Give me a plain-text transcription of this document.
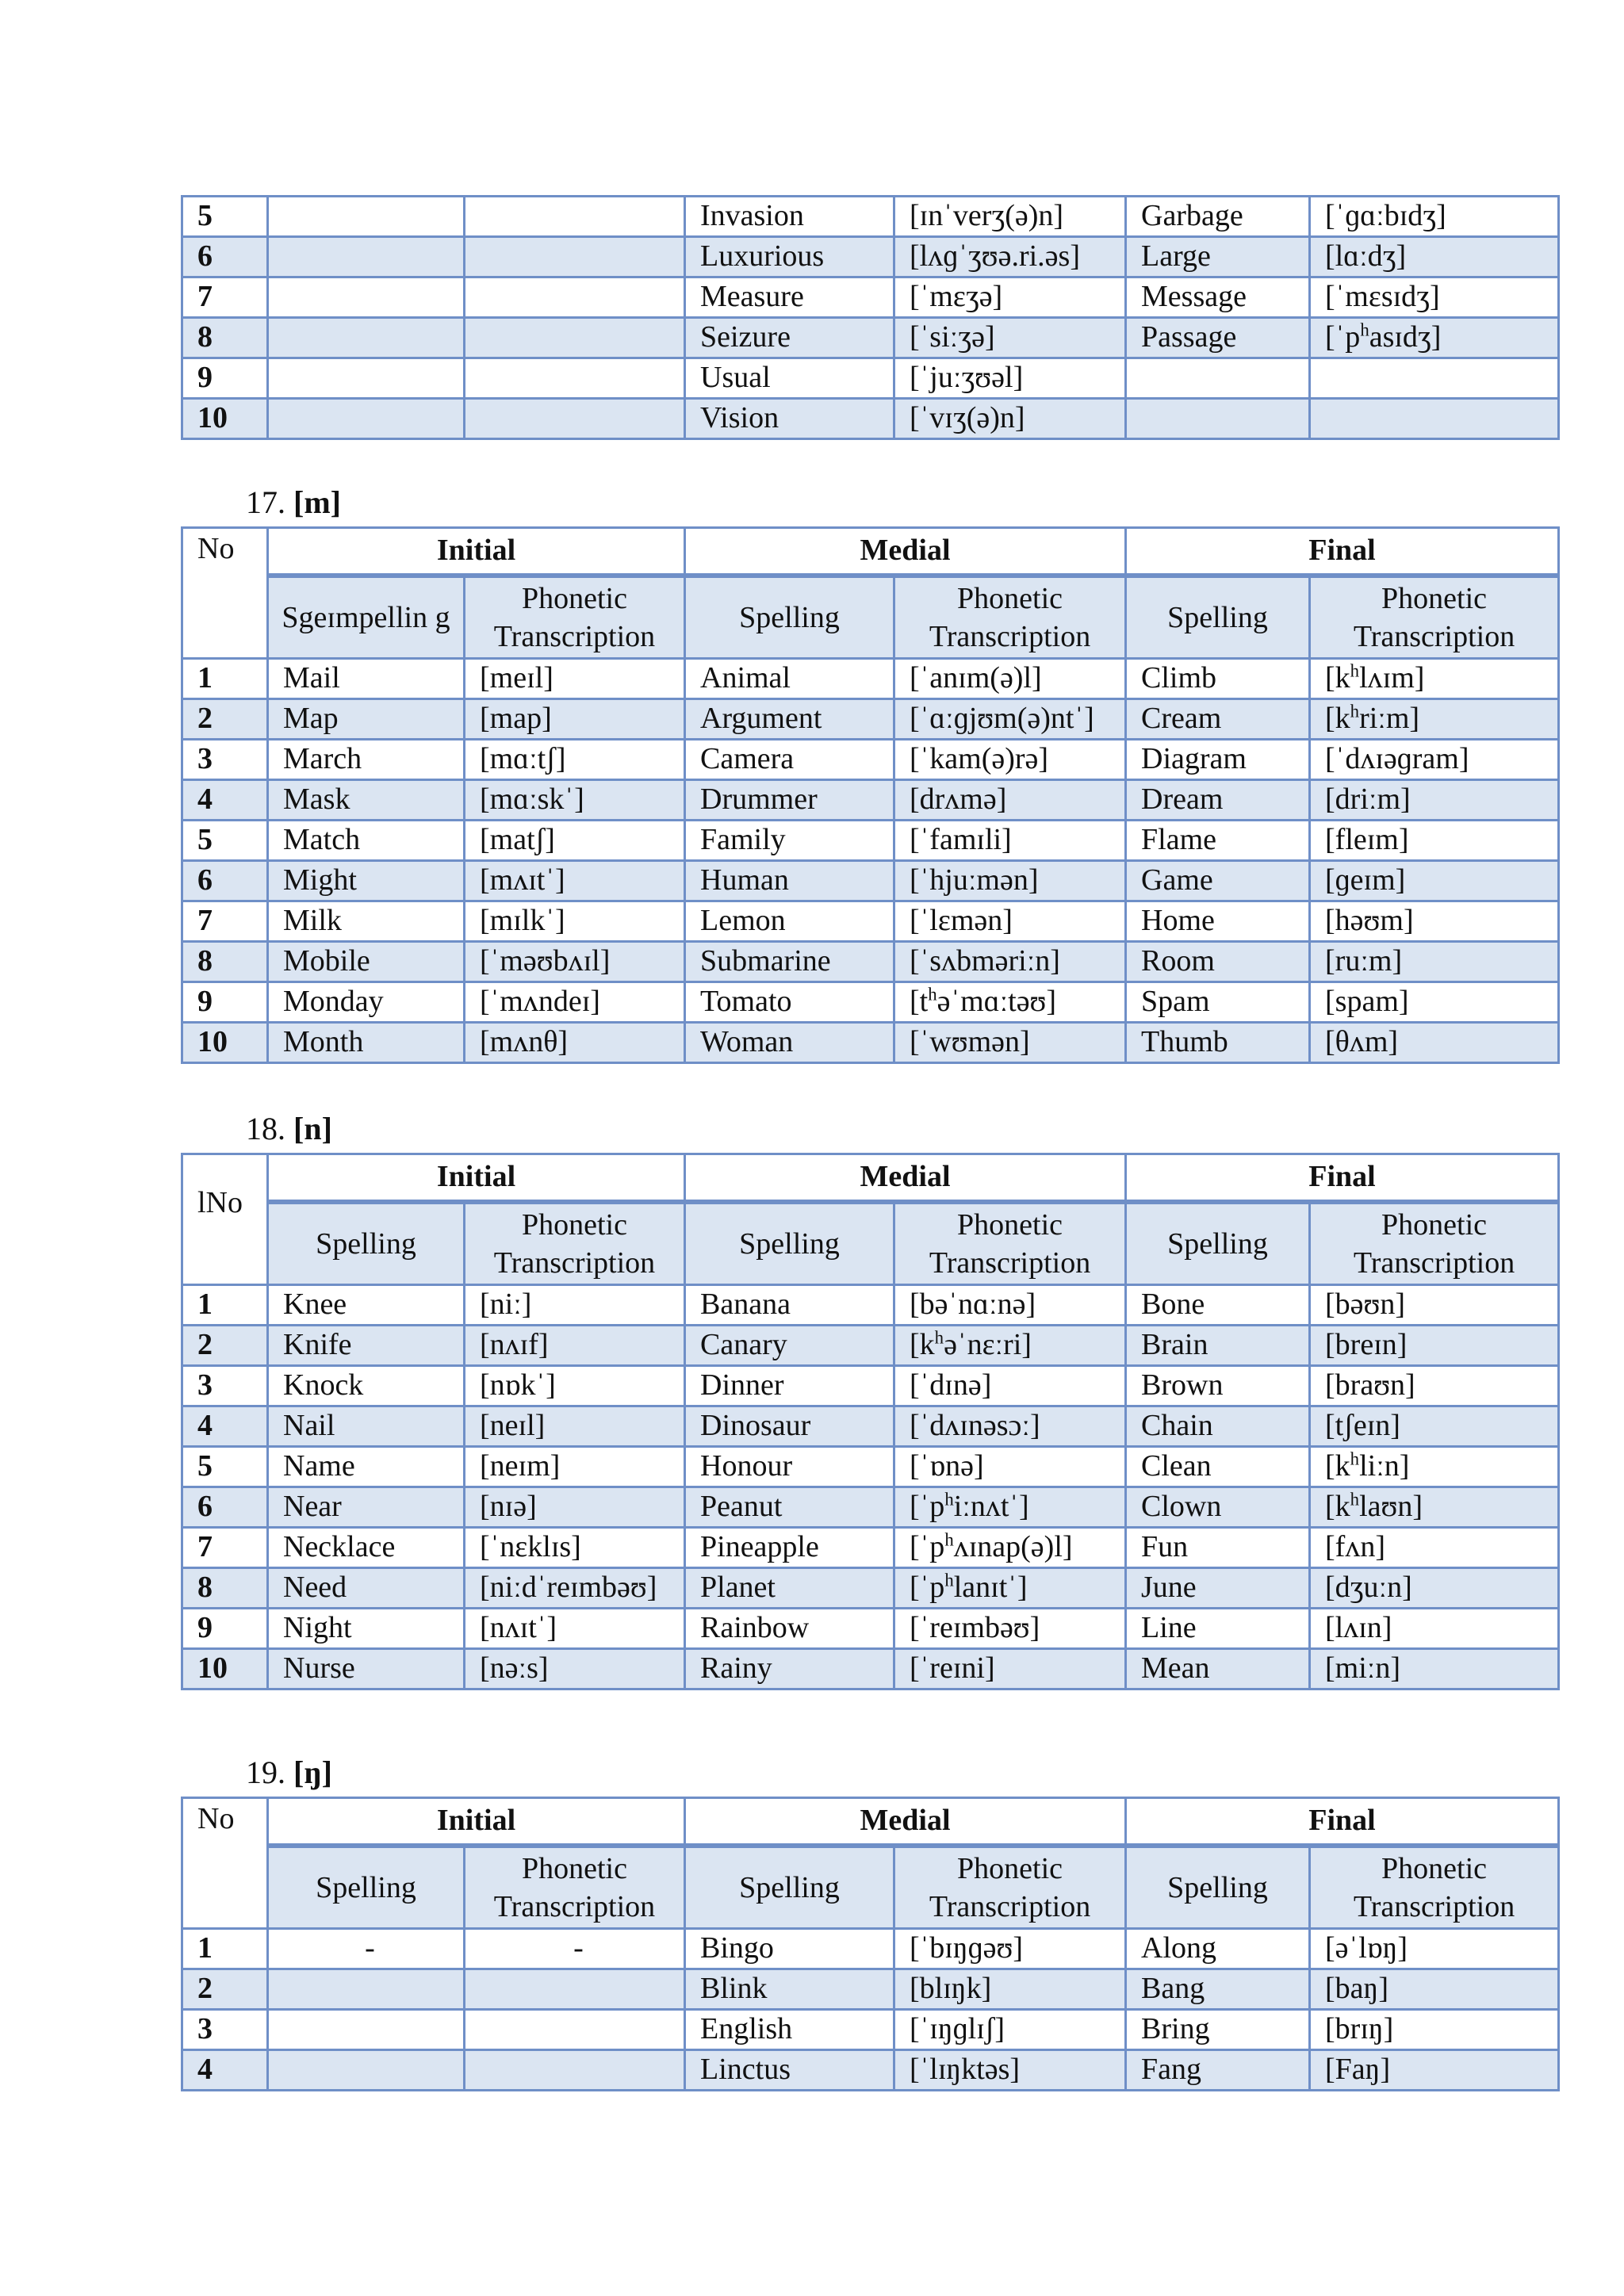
5			Invasion	[ɪnˈverʒ(ə)n]	Garbage	[ˈɡɑːbɪdʒ]
6			Luxurious	[lʌɡˈʒʊə.ri.əs]	Large	[lɑːdʒ]
7			Measure	[ˈmɛʒə]	Message	[ˈmɛsɪdʒ]
8			Seizure	[ˈsiːʒə]	Passage	[ˈp$^h$asɪdʒ]
9			Usual	[ˈjuːʒʊəl]		
10			Vision	[ˈvɪʒ(ə)n]		
17. [m]
No	Initial		Medial		Final	
	Sgeɪmpellin g	Phonetic Transcription	Spelling	Phonetic Transcription	Spelling	Phonetic Transcription
1	Mail	[meɪl]	Animal	[ˈanɪm(ə)l]	Climb	$[k^hlʌɪm]$
2	Map	[map]	Argument	[ˈɑːɡjʊm(ə)ntˈ]	Cream	$[k^hriːm]$
3	March	[mɑːtʃ]	Camera	[ˈkam(ə)rə]	Diagram	[ˈdʌɪəɡram]
4	Mask	[mɑːskˈ]	Drummer	[drʌmə]	Dream	[driːm]
5	Match	[matʃ]	Family	[ˈfamɪli]	Flame	[fleɪm]
6	Might	[mʌɪtˈ]	Human	[ˈhjuːmən]	Game	[ɡeɪm]
7	Milk	[mɪlkˈ]	Lemon	[ˈlɛmən]	Home	[həʊm]
8	Mobile	[ˈməʊbʌɪl]	Submarine	[ˈsʌbməriːn]	Room	[ruːm]
9	Monday	[ˈmʌndeɪ]	Tomato	$[t^həˈmɑːtəʊ]$	Spam	[spam]
10	Month	[mʌnθ]	Woman	[ˈwʊmən]	Thumb	[θʌm]
18. [n]
lNo	Initial		Medial		Final	
	Spelling	Phonetic Transcription	Spelling	Phonetic Transcription	Spelling	Phonetic Transcription
1	Knee	[niː]	Banana	[bəˈnɑːnə]	Bone	[bəʊn]
2	Knife	[nʌɪf]	Canary	$[k^həˈnɛːri]$	Brain	[breɪn]
3	Knock	[nɒkˈ]	Dinner	[ˈdɪnə]	Brown	[braʊn]
4	Nail	[neɪl]	Dinosaur	[ˈdʌɪnəsɔː]	Chain	[tʃeɪn]
5	Name	[neɪm]	Honour	[ˈɒnə]	Clean	$[k^hliːn]$
6	Near	[nɪə]	Peanut	[ˈp$^h$iːnʌtˈ]	Clown	$[k^hlaʊn]$
7	Necklace	[ˈnɛklɪs]	Pineapple	[ˈp$^h$ʌɪnap(ə)l]	Fun	[fʌn]
8	Need	[niːdˈreɪmbəʊ]	Planet	[ˈp$^h$lanɪtˈ]	June	[dʒuːn]
9	Night	[nʌɪtˈ]	Rainbow	[ˈreɪmbəʊ]	Line	[lʌɪn]
10	Nurse	[nəːs]	Rainy	[ˈreɪni]	Mean	[miːn]
19. [ŋ]
No	Initial		Medial		Final	
	Spelling	Phonetic Transcription	Spelling	Phonetic Transcription	Spelling	Phonetic Transcription
1	-	-	Bingo	[ˈbɪŋɡəʊ]	Along	[əˈlɒŋ]
2			Blink	[blɪŋk]	Bang	[baŋ]
3			English	[ˈɪŋɡlɪʃ]	Bring	[brɪŋ]
4			Linctus	[ˈlɪŋktəs]	Fang	[Faŋ]
